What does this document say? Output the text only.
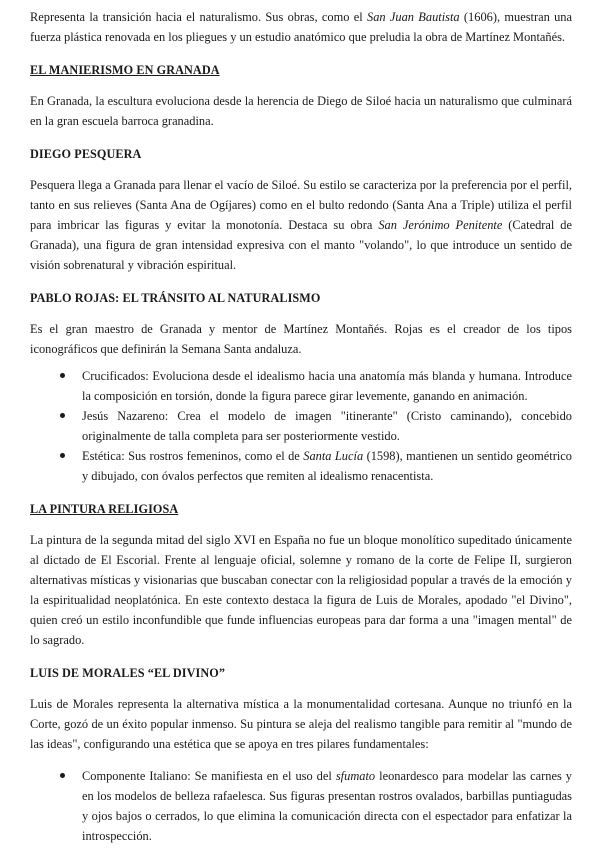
Representa la transición hacia el naturalismo. Sus obras, como el San Juan Bautista (1606), muestran una fuerza plástica renovada en los pliegues y un estudio anatómico que preludia la obra de Martínez Montañés.

EL MANIERISMO EN GRANADA

En Granada, la escultura evoluciona desde la herencia de Diego de Siloé hacia un naturalismo que culminará en la gran escuela barroca granadina.

DIEGO PESQUERA

Pesquera llega a Granada para llenar el vacío de Siloé. Su estilo se caracteriza por la preferencia por el perfil, tanto en sus relieves (Santa Ana de Ogíjares) como en el bulto redondo (Santa Ana a Triple) utiliza el perfil para imbricar las figuras y evitar la monotonía. Destaca su obra San Jerónimo Penitente (Catedral de Granada), una figura de gran intensidad expresiva con el manto "volando", lo que introduce un sentido de visión sobrenatural y vibración espiritual.

PABLO ROJAS: EL TRÁNSITO AL NATURALISMO

Es el gran maestro de Granada y mentor de Martínez Montañés. Rojas es el creador de los tipos iconográficos que definirán la Semana Santa andaluza.

Crucificados: Evoluciona desde el idealismo hacia una anatomía más blanda y humana. Introduce la composición en torsión, donde la figura parece girar levemente, ganando en animación.
Jesús Nazareno: Crea el modelo de imagen "itinerante" (Cristo caminando), concebido originalmente de talla completa para ser posteriormente vestido.
Estética: Sus rostros femeninos, como el de Santa Lucía (1598), mantienen un sentido geométrico y dibujado, con óvalos perfectos que remiten al idealismo renacentista.
LA PINTURA RELIGIOSA

La pintura de la segunda mitad del siglo XVI en España no fue un bloque monolítico supeditado únicamente al dictado de El Escorial. Frente al lenguaje oficial, solemne y romano de la corte de Felipe II, surgieron alternativas místicas y visionarias que buscaban conectar con la religiosidad popular a través de la emoción y la espiritualidad neoplatónica. En este contexto destaca la figura de Luis de Morales, apodado "el Divino", quien creó un estilo inconfundible que funde influencias europeas para dar forma a una "imagen mental" de lo sagrado.

LUIS DE MORALES “EL DIVINO”

Luis de Morales representa la alternativa mística a la monumentalidad cortesana. Aunque no triunfó en la Corte, gozó de un éxito popular inmenso. Su pintura se aleja del realismo tangible para remitir al "mundo de las ideas", configurando una estética que se apoya en tres pilares fundamentales:

Componente Italiano: Se manifiesta en el uso del sfumato leonardesco para modelar las carnes y en los modelos de belleza rafaelesca. Sus figuras presentan rostros ovalados, barbillas puntiagudas y ojos bajos o cerrados, lo que elimina la comunicación directa con el espectador para enfatizar la introspección.
